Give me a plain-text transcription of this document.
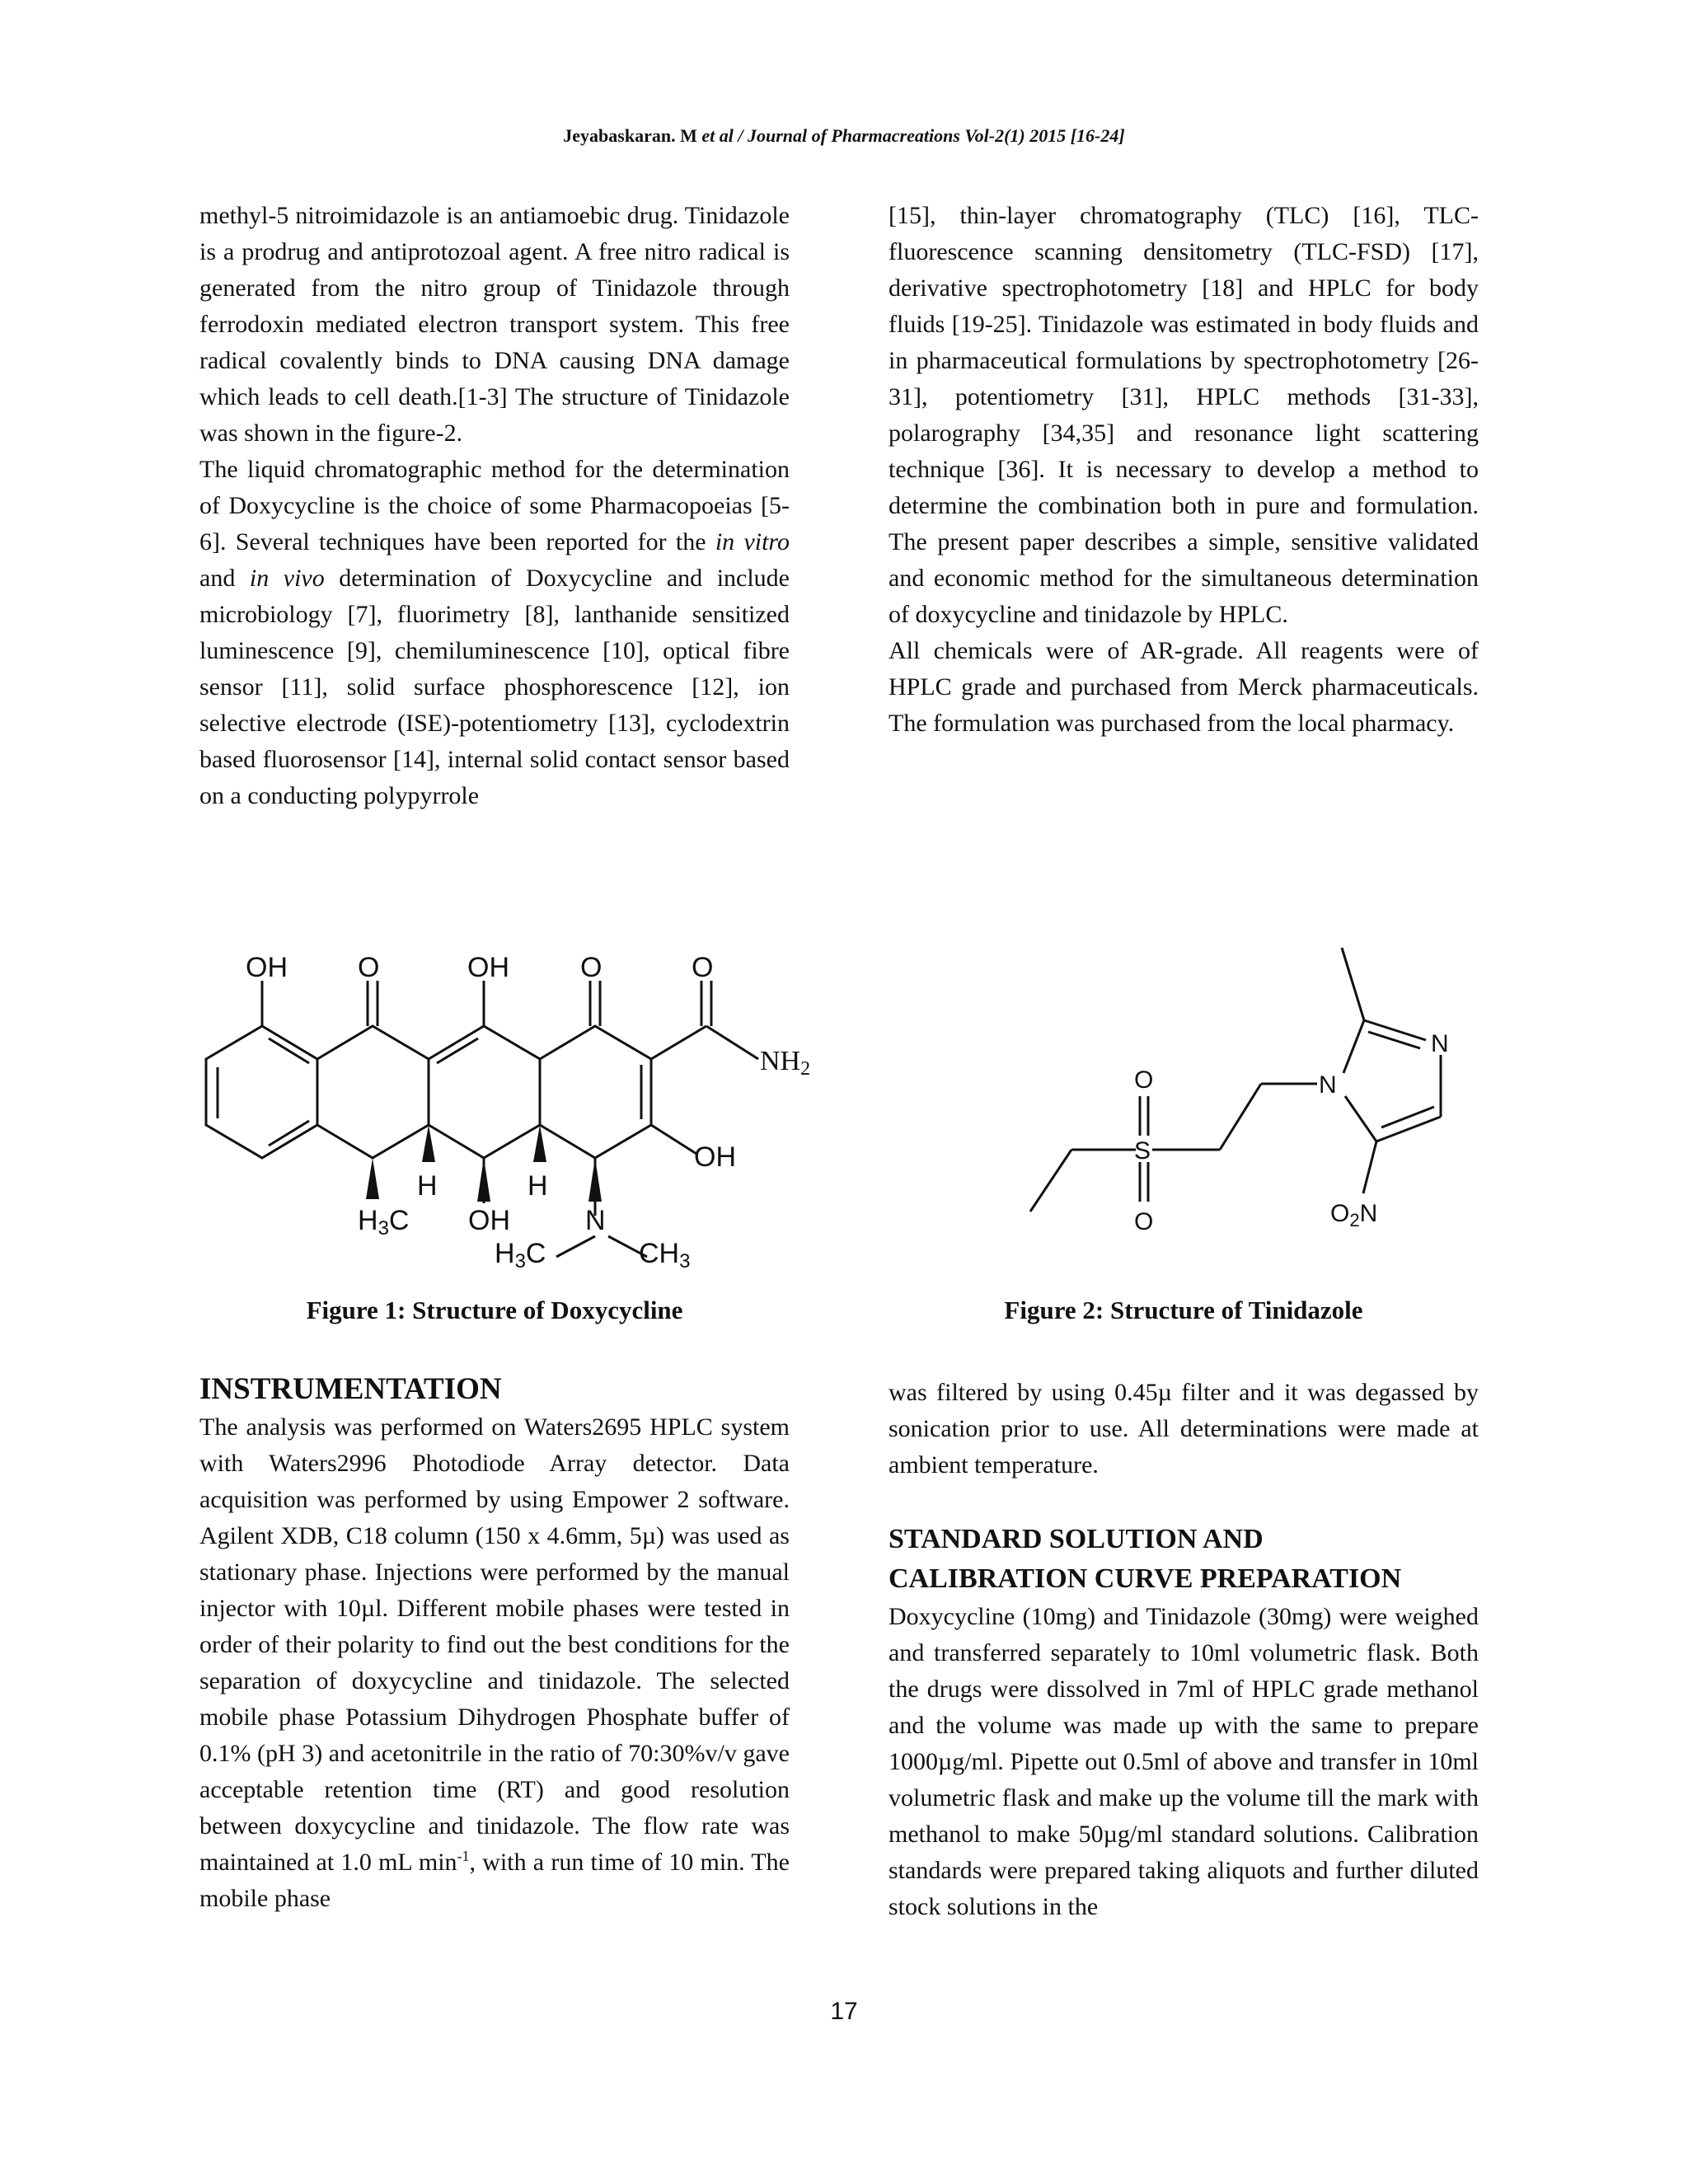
Jeyabaskaran. M et al / Journal of Pharmacreations Vol-2(1) 2015 [16-24]

methyl-5 nitroimidazole is an antiamoebic drug. Tinidazole is a prodrug and antiprotozoal agent. A free nitro radical is generated from the nitro group of Tinidazole through ferrodoxin mediated electron transport system. This free radical covalently binds to DNA causing DNA damage which leads to cell death.[1-3] The structure of Tinidazole was shown in the figure-2.

The liquid chromatographic method for the determination of Doxycycline is the choice of some Pharmacopoeias [5-6]. Several techniques have been reported for the in vitro and in vivo determination of Doxycycline and include microbiology [7], fluorimetry [8], lanthanide sensitized luminescence [9], chemiluminescence [10], optical fibre sensor [11], solid surface phosphorescence [12], ion selective electrode (ISE)-potentiometry [13], cyclodextrin based fluorosensor [14], internal solid contact sensor based on a conducting polypyrrole

[15], thin-layer chromatography (TLC) [16], TLC-fluorescence scanning densitometry (TLC-FSD) [17], derivative spectrophotometry [18] and HPLC for body fluids [19-25]. Tinidazole was estimated in body fluids and in pharmaceutical formulations by spectrophotometry [26-31], potentiometry [31], HPLC methods [31-33], polarography [34,35] and resonance light scattering technique [36]. It is necessary to develop a method to determine the combination both in pure and formulation. The present paper describes a simple, sensitive validated and economic method for the simultaneous determination of doxycycline and tinidazole by HPLC.

All chemicals were of AR-grade. All reagents were of HPLC grade and purchased from Merck pharmaceuticals. The formulation was purchased from the local pharmacy.

OH	O	OH	O	O
NH2
OH
H	H
H3C OH	N
H3C	CH3
Figure 1: Structure of Doxycycline
O
S
O
N
N
$O_2N$
Figure 2: Structure of Tinidazole

INSTRUMENTATION

The analysis was performed on Waters2695 HPLC system with Waters2996 Photodiode Array detector. Data acquisition was performed by using Empower 2 software. Agilent XDB, C18 column (150 x 4.6mm, 5µ) was used as stationary phase. Injections were performed by the manual injector with 10µl. Different mobile phases were tested in order of their polarity to find out the best conditions for the separation of doxycycline and tinidazole. The selected mobile phase Potassium Dihydrogen Phosphate buffer of 0.1% (pH 3) and acetonitrile in the ratio of 70:30%v/v gave acceptable retention time (RT) and good resolution between doxycycline and tinidazole. The flow rate was maintained at 1.0 mL $\min^{-1}$, with a run time of 10 min. The mobile phase

was filtered by using 0.45µ filter and it was degassed by sonication prior to use. All determinations were made at ambient temperature.

STANDARD SOLUTION AND
CALIBRATION CURVE PREPARATION

Doxycycline (10mg) and Tinidazole (30mg) were weighed and transferred separately to 10ml volumetric flask. Both the drugs were dissolved in 7ml of HPLC grade methanol and the volume was made up with the same to prepare 1000µg/ml. Pipette out 0.5ml of above and transfer in 10ml volumetric flask and make up the volume till the mark with methanol to make 50µg/ml standard solutions. Calibration standards were prepared taking aliquots and further diluted stock solutions in the

17
